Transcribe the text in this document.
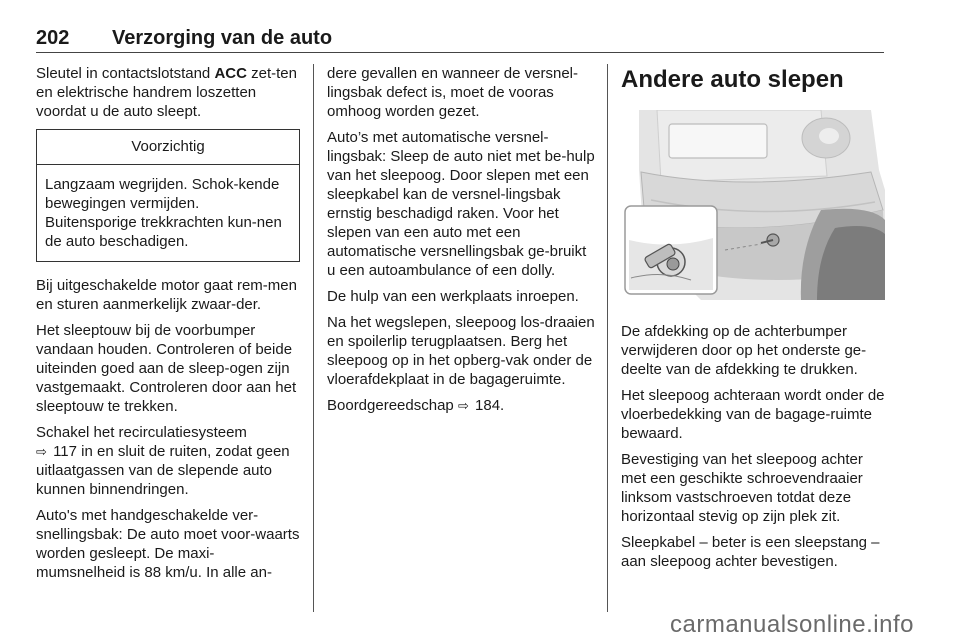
202 Verzorging van de auto

Sleutel in contactslotstand ACC zet-ten en elektrische handrem loszetten voordat u de auto sleept.

Voorzichtig
Langzaam wegrijden. Schok-kende bewegingen vermijden. Buitensporige trekkrachten kun-nen de auto beschadigen.

Bij uitgeschakelde motor gaat rem-men en sturen aanmerkelijk zwaar-der.

Het sleeptouw bij de voorbumper vandaan houden. Controleren of beide uiteinden goed aan de sleep-ogen zijn vastgemaakt. Controleren door aan het sleeptouw te trekken.

Schakel het recirculatiesysteem
⇨ 117 in en sluit de ruiten, zodat geen uitlaatgassen van de slepende auto kunnen binnendringen.

Auto's met handgeschakelde ver-snellingsbak: De auto moet voor-waarts worden gesleept. De maxi-mumsnelheid is 88 km/u. In alle an-

dere gevallen en wanneer de versnel-lingsbak defect is, moet de vooras omhoog worden gezet.

Auto’s met automatische versnel-lingsbak: Sleep de auto niet met be-hulp van het sleepoog. Door slepen met een sleepkabel kan de versnel-lingsbak ernstig beschadigd raken. Voor het slepen van een auto met een automatische versnellingsbak ge-bruikt u een autoambulance of een dolly.

De hulp van een werkplaats inroepen.

Na het wegslepen, sleepoog los-draaien en spoilerlip terugplaatsen. Berg het sleepoog op in het opberg-vak onder de vloerafdekplaat in de bagageruimte.

Boordgereedschap ⇨ 184.

Andere auto slepen

De afdekking op de achterbumper verwijderen door op het onderste ge-deelte van de afdekking te drukken.

Het sleepoog achteraan wordt onder de vloerbedekking van de bagage-ruimte bewaard.

Bevestiging van het sleepoog achter met een geschikte schroevendraaier linksom vastschroeven totdat deze horizontaal stevig op zijn plek zit.

Sleepkabel – beter is een sleepstang – aan sleepoog achter bevestigen.

carmanualsonline.info
